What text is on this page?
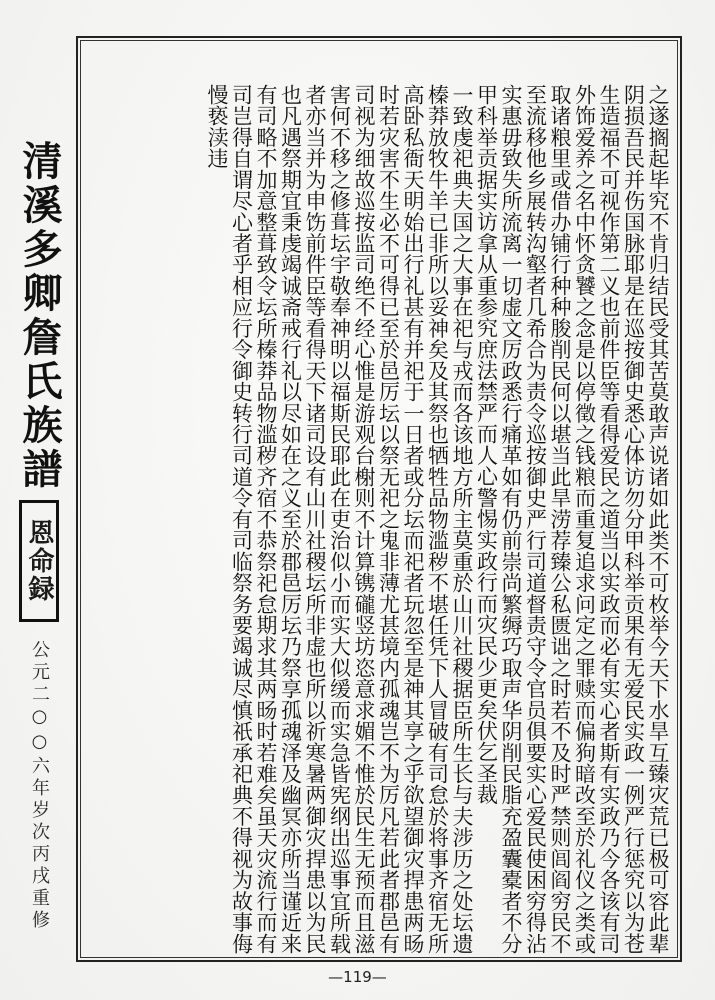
之遂搁起毕究不肯归结民受其苦莫敢声说诸如此类不可枚举今天下水旱互臻灾荒已极可容此辈阴损吾民并伤国脉耶是在巡按御史悉心体访勿分甲科举贡果有无爱民实政一例严行惩究以为苍生造福不可视作第二义也前件臣等看得爱民之道当以实政而必有实心者斯有实政乃今各该有司外饰爱养之名中怀贪饕之念是以停徵之钱粮而重复追求问定之罪赎而偏狗暗改至於礼仪之类或取诸粮里或借办铺行种种朘削民何以堪当此旱涝荐臻公私匮诎之时若不及时严禁则闾阎穷民不至流移他乡展转沟壑者几希合为责令巡按御史严行司道督责守令官员俱要实心爱民使困穷得沾实惠毋致失所流离一切虚文厉政悉行痛革如有仍前崇尚繁缛巧取声华阴削民脂充盈囊橐者不分甲科举贡据实访拿从重参究庶法禁严而人心警惕实政行而灾民少更矣伏乞圣裁

一致虔祀典夫国之大事在祀与戎而各该地方所主莫重於山川社稷据臣所生长与夫涉历之处坛遗榛莽放牧牛羊已非所以妥神矣及其祭也牺牲品物滥秽不堪任凭下人冒破有司怠於将事齐宿无所高卧私衙天明始出行礼甚有并祀于一日者或分坛而祀者玩忽至是神其享之乎欲望御灾捍患两旸时若灾害不生必不可得已至於邑厉坛以祭无祀之鬼非薄尤甚境内孤魂岂不为厉凡若此者郡邑有司视为细故巡按监司绝不经心惟是游观台榭则不计算镌礲竖坊恣意求媚不惟於民生无预而且滋害何不移之修葺坛宇敬奉神明以福斯民耶此在吏治似小而实大似缓而实急皆宪纲出巡事宜所载者亦当并为申饬前件臣等看得天下诸司设有山川社稷坛所非虚也所以祈寒暑两御灾捍患以为民也凡遇祭期宜秉虔竭诚斋戒行礼以尽如在之义至於郡邑厉坛乃祭享孤魂泽及幽冥亦所当谨近来有司略不加意整葺致令坛所榛莽品物滥秽齐宿不恭祭祀怠期求其两旸时若难矣虽天灾流行而有司岂得自谓尽心者乎相应行令御史转行司道令有司临祭务要竭诚尽慎祇承祀典不得视为故事侮慢亵渎违

清溪多卿詹氏族譜
恩命録
公元二○○六年岁次丙戌重修
—119—
